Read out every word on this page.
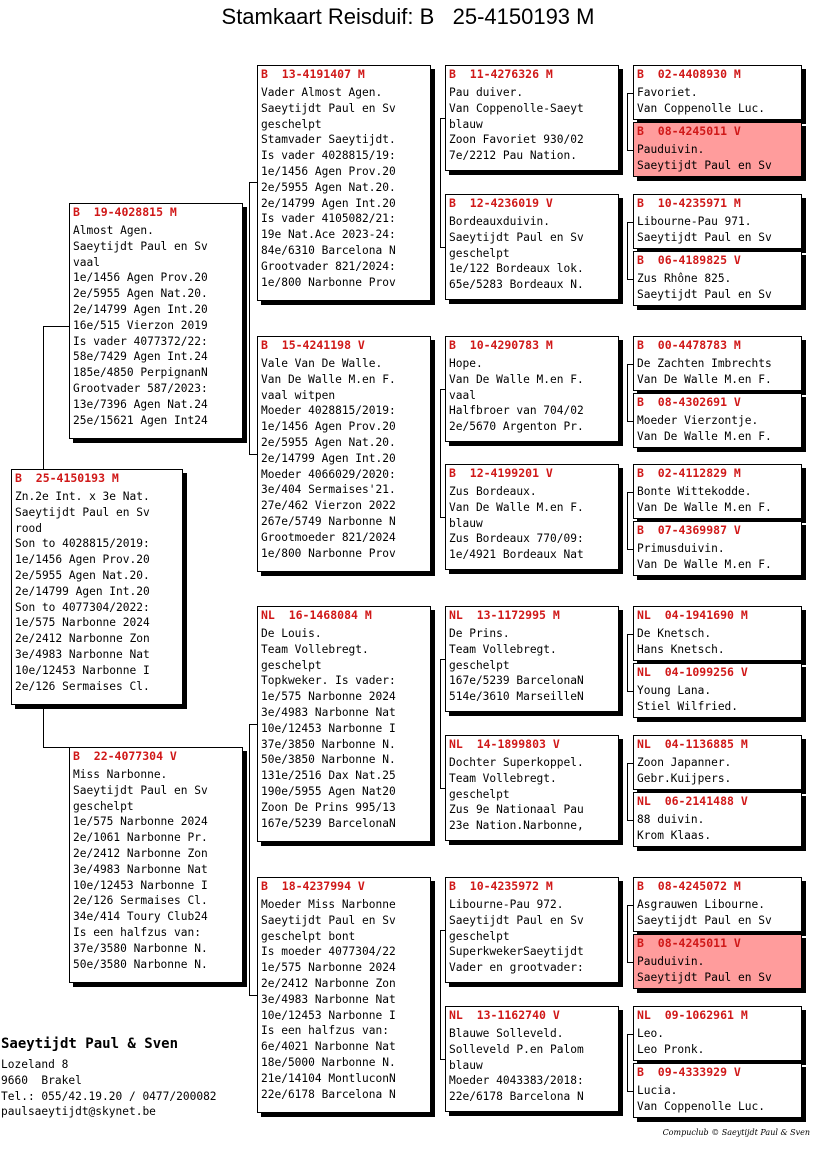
Stamkaart Reisduif: B   25-4150193 M
B  25-4150193 M
Zn.2e Int. x 3e Nat.
Saeytijdt Paul en Sv
rood
Son to 4028815/2019:
1e/1456 Agen Prov.20
2e/5955 Agen Nat.20.
2e/14799 Agen Int.20
Son to 4077304/2022:
1e/575 Narbonne 2024
2e/2412 Narbonne Zon
3e/4983 Narbonne Nat
10e/12453 Narbonne I
2e/126 Sermaises Cl.
B  19-4028815 M
Almost Agen.
Saeytijdt Paul en Sv
vaal
1e/1456 Agen Prov.20
2e/5955 Agen Nat.20.
2e/14799 Agen Int.20
16e/515 Vierzon 2019
Is vader 4077372/22:
58e/7429 Agen Int.24
185e/4850 PerpignanN
Grootvader 587/2023:
13e/7396 Agen Nat.24
25e/15621 Agen Int24
B  22-4077304 V
Miss Narbonne.
Saeytijdt Paul en Sv
geschelpt
1e/575 Narbonne 2024
2e/1061 Narbonne Pr.
2e/2412 Narbonne Zon
3e/4983 Narbonne Nat
10e/12453 Narbonne I
2e/126 Sermaises Cl.
34e/414 Toury Club24
Is een halfzus van:
37e/3580 Narbonne N.
50e/3580 Narbonne N.
B  13-4191407 M
Vader Almost Agen.
Saeytijdt Paul en Sv
geschelpt
Stamvader Saeytijdt.
Is vader 4028815/19:
1e/1456 Agen Prov.20
2e/5955 Agen Nat.20.
2e/14799 Agen Int.20
Is vader 4105082/21:
19e Nat.Ace 2023-24:
84e/6310 Barcelona N
Grootvader 821/2024:
1e/800 Narbonne Prov
B  15-4241198 V
Vale Van De Walle.
Van De Walle M.en F.
vaal witpen
Moeder 4028815/2019:
1e/1456 Agen Prov.20
2e/5955 Agen Nat.20.
2e/14799 Agen Int.20
Moeder 4066029/2020:
3e/404 Sermaises'21.
27e/462 Vierzon 2022
267e/5749 Narbonne N
Grootmoeder 821/2024
1e/800 Narbonne Prov
NL  16-1468084 M
De Louis.
Team Vollebregt.
geschelpt
Topkweker. Is vader:
1e/575 Narbonne 2024
3e/4983 Narbonne Nat
10e/12453 Narbonne I
37e/3850 Narbonne N.
50e/3850 Narbonne N.
131e/2516 Dax Nat.25
190e/5955 Agen Nat20
Zoon De Prins 995/13
167e/5239 BarcelonaN
B  18-4237994 V
Moeder Miss Narbonne
Saeytijdt Paul en Sv
geschelpt bont
Is moeder 4077304/22
1e/575 Narbonne 2024
2e/2412 Narbonne Zon
3e/4983 Narbonne Nat
10e/12453 Narbonne I
Is een halfzus van:
6e/4021 Narbonne Nat
18e/5000 Narbonne N.
21e/14104 MontluconN
22e/6178 Barcelona N
B  11-4276326 M
Pau duiver.
Van Coppenolle-Saeyt
blauw
Zoon Favoriet 930/02
7e/2212 Pau Nation.
B  12-4236019 V
Bordeauxduivin.
Saeytijdt Paul en Sv
geschelpt
1e/122 Bordeaux lok.
65e/5283 Bordeaux N.
B  10-4290783 M
Hope.
Van De Walle M.en F.
vaal
Halfbroer van 704/02
2e/5670 Argenton Pr.
B  12-4199201 V
Zus Bordeaux.
Van De Walle M.en F.
blauw
Zus Bordeaux 770/09:
1e/4921 Bordeaux Nat
NL  13-1172995 M
De Prins.
Team Vollebregt.
geschelpt
167e/5239 BarcelonaN
514e/3610 MarseilleN
NL  14-1899803 V
Dochter Superkoppel.
Team Vollebregt.
geschelpt
Zus 9e Nationaal Pau
23e Nation.Narbonne,
B  10-4235972 M
Libourne-Pau 972.
Saeytijdt Paul en Sv
geschelpt
SuperkwekerSaeytijdt
Vader en grootvader:
NL  13-1162740 V
Blauwe Solleveld.
Solleveld P.en Palom
blauw
Moeder 4043383/2018:
22e/6178 Barcelona N
B  02-4408930 M
Favoriet.
Van Coppenolle Luc.
B  08-4245011 V
Pauduivin.
Saeytijdt Paul en Sv
B  10-4235971 M
Libourne-Pau 971.
Saeytijdt Paul en Sv
B  06-4189825 V
Zus Rhône 825.
Saeytijdt Paul en Sv
B  00-4478783 M
De Zachten Imbrechts
Van De Walle M.en F.
B  08-4302691 V
Moeder Vierzontje.
Van De Walle M.en F.
B  02-4112829 M
Bonte Wittekodde.
Van De Walle M.en F.
B  07-4369987 V
Primusduivin.
Van De Walle M.en F.
NL  04-1941690 M
De Knetsch.
Hans Knetsch.
NL  04-1099256 V
Young Lana.
Stiel Wilfried.
NL  04-1136885 M
Zoon Japanner.
Gebr.Kuijpers.
NL  06-2141488 V
88 duivin.
Krom Klaas.
B  08-4245072 M
Asgrauwen Libourne.
Saeytijdt Paul en Sv
B  08-4245011 V
Pauduivin.
Saeytijdt Paul en Sv
NL  09-1062961 M
Leo.
Leo Pronk.
B  09-4333929 V
Lucia.
Van Coppenolle Luc.
Saeytijdt Paul & Sven
Lozeland 8
9660  Brakel
Tel.: 055/42.19.20 / 0477/200082
paulsaeytijdt@skynet.be
Compuclub © Saeytijdt Paul & Sven
